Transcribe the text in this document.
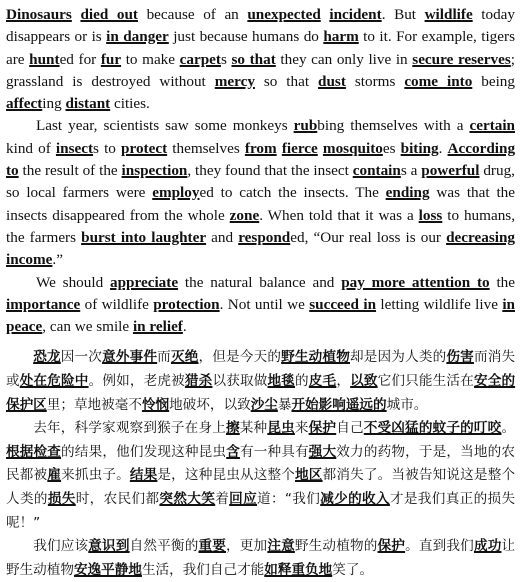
Dinosaurs died out because of an unexpected incident. But wildlife today disappears or is in danger just because humans do harm to it. For example, tigers are hunted for fur to make carpets so that they can only live in secure reserves; grassland is destroyed without mercy so that dust storms come into being affecting distant cities.

Last year, scientists saw some monkeys rubbing themselves with a certain kind of insects to protect themselves from fierce mosquitoes biting. According to the result of the inspection, they found that the insect contains a powerful drug, so local farmers were employed to catch the insects. The ending was that the insects disappeared from the whole zone. When told that it was a loss to humans, the farmers burst into laughter and responded, “Our real loss is our decreasing income.”

We should appreciate the natural balance and pay more attention to the importance of wildlife protection. Not until we succeed in letting wildlife live in peace, can we smile in relief.

恐龙因一次意外事件而灭绝，但是今天的野生动植物却是因为人类的伤害而消失或处在危险中。例如，老虎被猎杀以获取做地毯的皮毛，以致它们只能生活在安全的保护区里；草地被毫不怜悯地破坏，以致沙尘暴开始影响遥远的城市。

去年，科学家观察到猴子在身上擦某种昆虫来保护自己不受凶猛的蚊子的叮咬。根据检查的结果，他们发现这种昆虫含有一种具有强大效力的药物，于是，当地的农民都被雇来抓虫子。结果是，这种昆虫从这整个地区都消失了。当被告知说这是整个人类的损失时，农民们都突然大笑着回应道：“我们减少的收入才是我们真正的损失呢！”

我们应该意识到自然平衡的重要，更加注意野生动植物的保护。直到我们成功让野生动植物安逸平静地生活，我们自己才能如释重负地笑了。
